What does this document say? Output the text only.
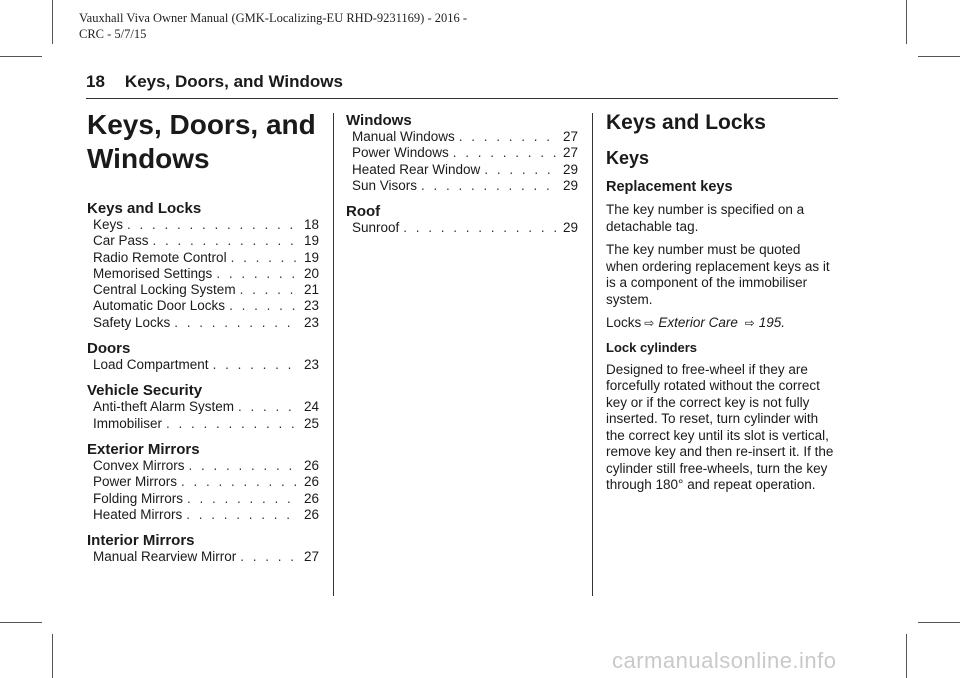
Vauxhall Viva Owner Manual (GMK-Localizing-EU RHD-9231169) - 2016 -
CRC - 5/7/15
18 Keys, Doors, and Windows
Keys, Doors, and
Windows
Keys and Locks
Keys . . .	18
Car Pass . . .	19
Radio Remote Control . . .	19
Memorised Settings . . .	20
Central Locking System . . .	21
Automatic Door Locks . . .	23
Safety Locks . . .	23
Doors
Load Compartment . . .	23
Vehicle Security
Anti-theft Alarm System . . .	24
Immobiliser . . .	25
Exterior Mirrors
Convex Mirrors . . .	26
Power Mirrors . . .	26
Folding Mirrors . . .	26
Heated Mirrors . . .	26
Interior Mirrors
Manual Rearview Mirror . . .	27
Windows
Manual Windows . . .	27
Power Windows . . .	27
Heated Rear Window . . .	29
Sun Visors . . .	29
Roof
Sunroof . . .	29
Keys and Locks
Keys
Replacement keys

The key number is specified on a detachable tag.

The key number must be quoted when ordering replacement keys as it is a component of the immobiliser system.

Locks ⇨ Exterior Care ⇨ 195.

Lock cylinders

Designed to free-wheel if they are forcefully rotated without the correct key or if the correct key is not fully inserted. To reset, turn cylinder with the correct key until its slot is vertical, remove key and then re-insert it. If the cylinder still free-wheels, turn the key through 180° and repeat operation.

carmanualsonline.info
